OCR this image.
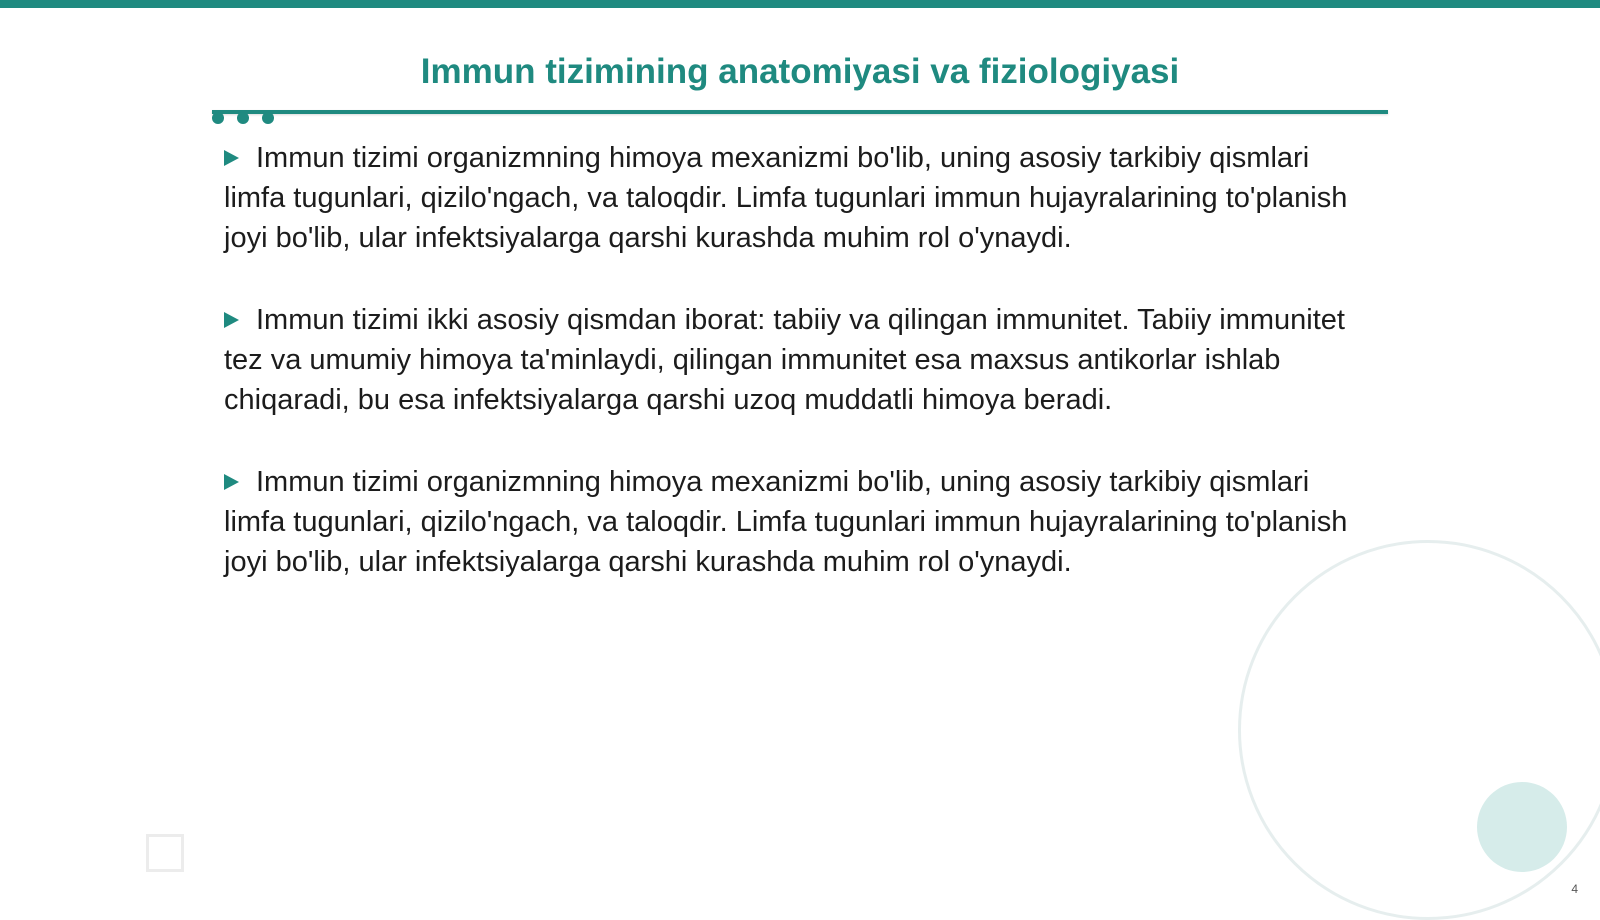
Immun tizimining anatomiyasi va fiziologiyasi

Immun tizimi organizmning himoya mexanizmi bo'lib, uning asosiy tarkibiy qismlari limfa tugunlari, qizilo'ngach, va taloqdir. Limfa tugunlari immun hujayralarining to'planish joyi bo'lib, ular infektsiyalarga qarshi kurashda muhim rol o'ynaydi.

Immun tizimi ikki asosiy qismdan iborat: tabiiy va qilingan immunitet. Tabiiy immunitet tez va umumiy himoya ta'minlaydi, qilingan immunitet esa maxsus antikorlar ishlab chiqaradi, bu esa infektsiyalarga qarshi uzoq muddatli himoya beradi.

Immun tizimi organizmning himoya mexanizmi bo'lib, uning asosiy tarkibiy qismlari limfa tugunlari, qizilo'ngach, va taloqdir. Limfa tugunlari immun hujayralarining to'planish joyi bo'lib, ular infektsiyalarga qarshi kurashda muhim rol o'ynaydi.

4
